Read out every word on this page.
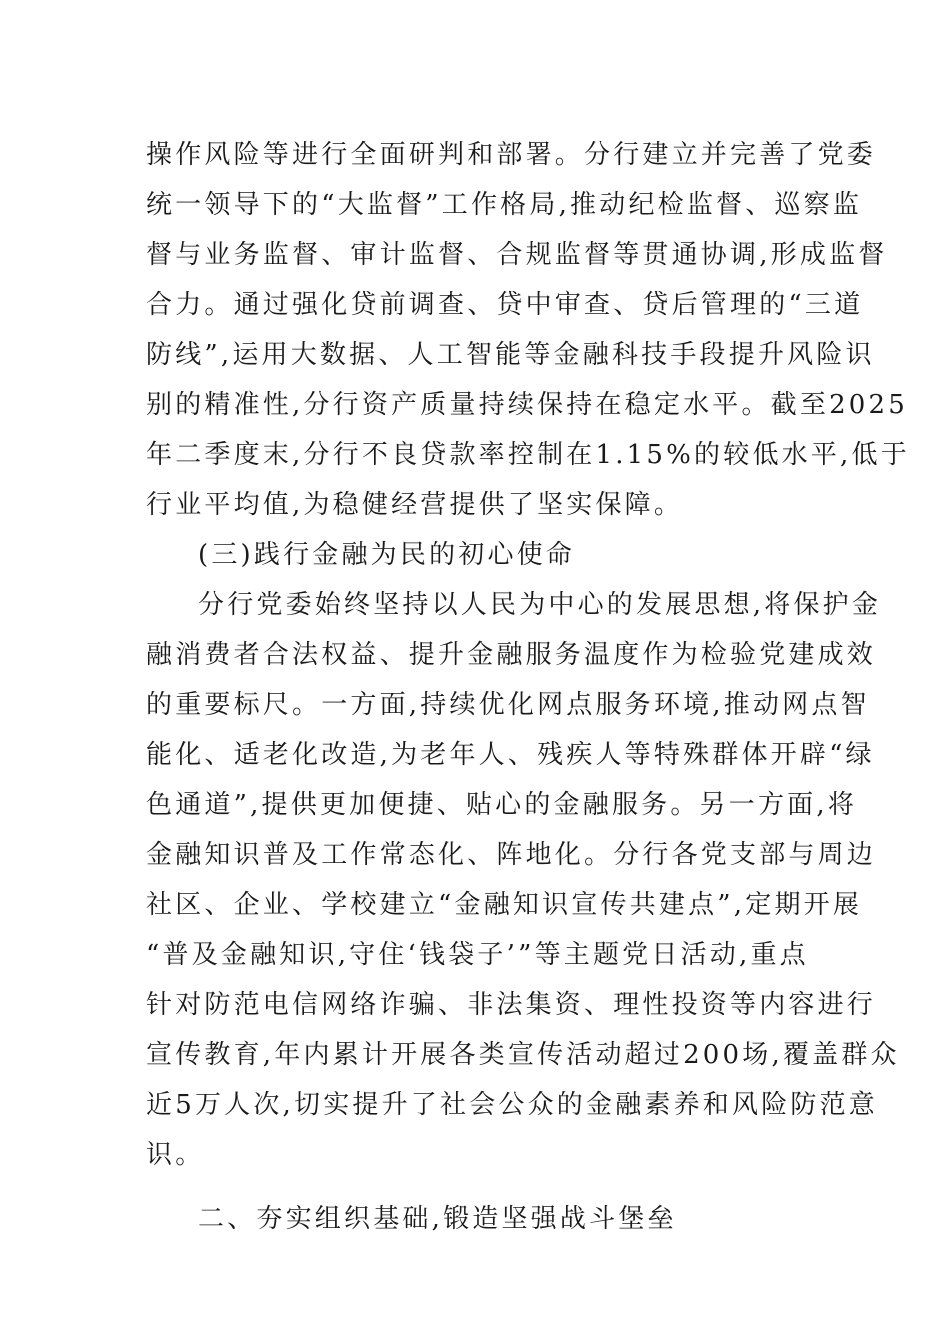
操作风险等进行全面研判和部署。分行建立并完善了党委
统一领导下的“大监督”工作格局,推动纪检监督、巡察监
督与业务监督、审计监督、合规监督等贯通协调,形成监督
合力。通过强化贷前调查、贷中审查、贷后管理的“三道
防线”,运用大数据、人工智能等金融科技手段提升风险识
别的精准性,分行资产质量持续保持在稳定水平。截至2025
年二季度末,分行不良贷款率控制在1.15%的较低水平,低于
行业平均值,为稳健经营提供了坚实保障。
(三)践行金融为民的初心使命
分行党委始终坚持以人民为中心的发展思想,将保护金
融消费者合法权益、提升金融服务温度作为检验党建成效
的重要标尺。一方面,持续优化网点服务环境,推动网点智
能化、适老化改造,为老年人、残疾人等特殊群体开辟“绿
色通道”,提供更加便捷、贴心的金融服务。另一方面,将
金融知识普及工作常态化、阵地化。分行各党支部与周边
社区、企业、学校建立“金融知识宣传共建点”,定期开展
“普及金融知识,守住‘钱袋子’”等主题党日活动,重点
针对防范电信网络诈骗、非法集资、理性投资等内容进行
宣传教育,年内累计开展各类宣传活动超过200场,覆盖群众
近5万人次,切实提升了社会公众的金融素养和风险防范意
识。
二、夯实组织基础,锻造坚强战斗堡垒
